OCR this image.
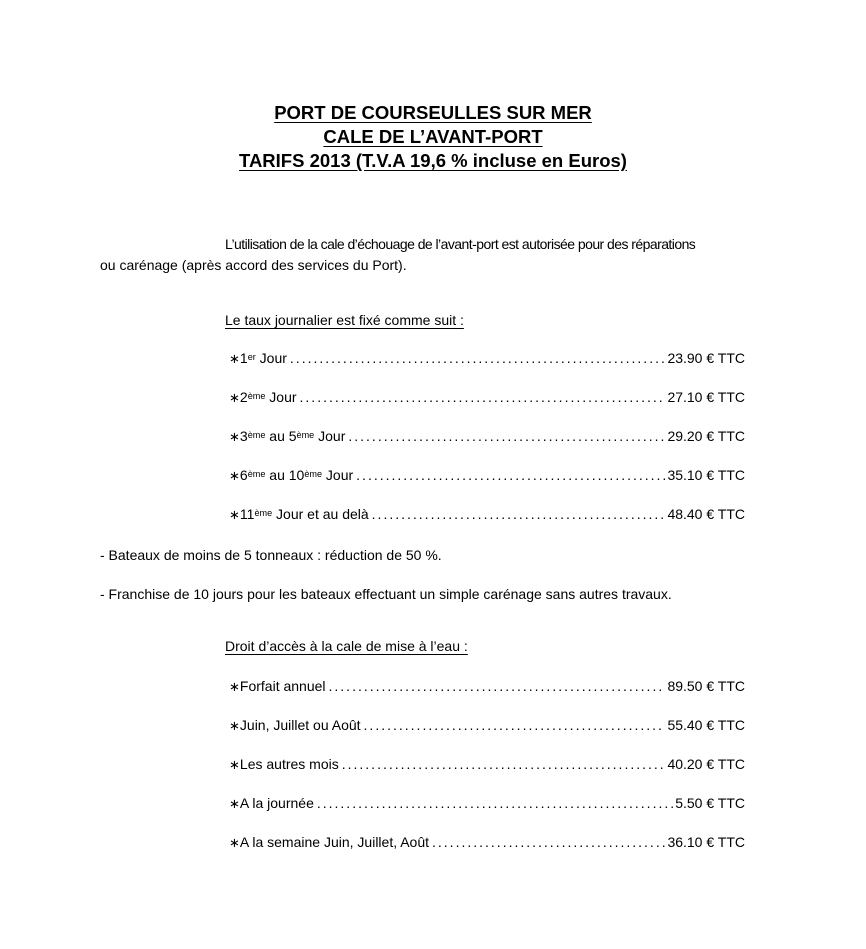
PORT DE COURSEULLES SUR MER
CALE DE L’AVANT-PORT
TARIFS 2013 (T.V.A 19,6 % incluse en Euros)

L’utilisation de la cale d’échouage de l’avant-port est autorisée pour des réparations
ou carénage (après accord des services du Port).

Le taux journalier est fixé comme suit :
∗ 1er Jour .....	23.90 € TTC
∗ 2ème Jour .....	27.10 € TTC
∗ 3ème au 5ème Jour .....	29.20 € TTC
∗ 6ème au 10ème Jour .....	35.10 € TTC
∗ 11ème Jour et au delà .....	48.40 € TTC
- Bateaux de moins de 5 tonneaux : réduction de 50 %.
- Franchise de 10 jours pour les bateaux effectuant un simple carénage sans autres travaux.
Droit d’accès à la cale de mise à l’eau :
∗ Forfait annuel .....	89.50 € TTC
∗ Juin, Juillet ou Août .....	55.40 € TTC
∗ Les autres mois .....	40.20 € TTC
∗ A la journée .....	5.50 € TTC
∗ A la semaine Juin, Juillet, Août .....	36.10 € TTC
